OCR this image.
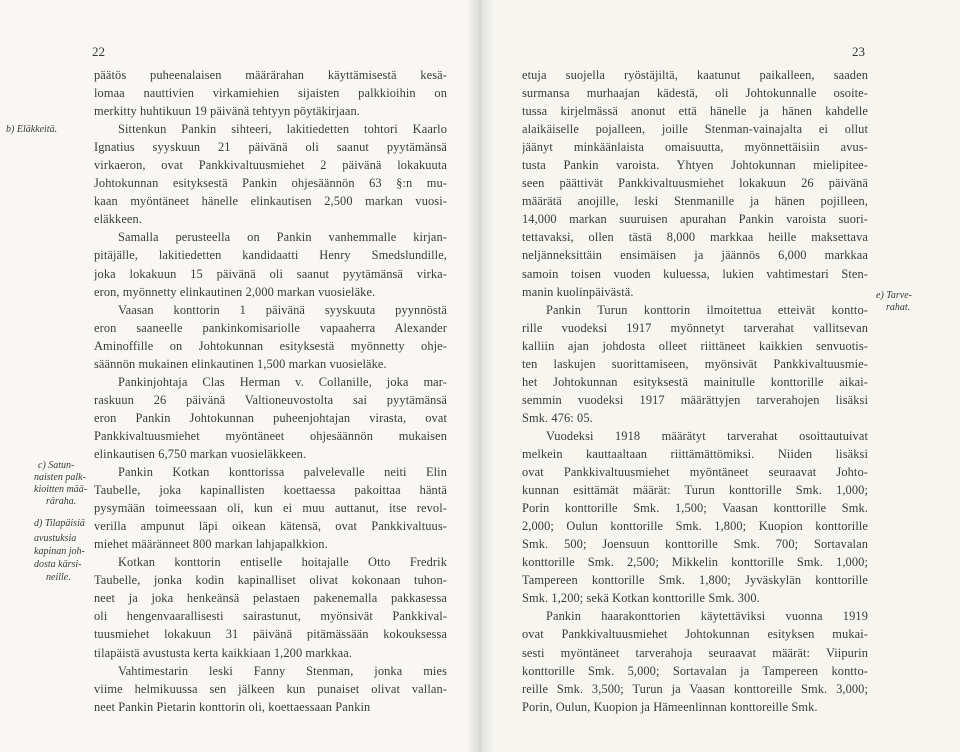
22
päätös puheenalaisen määrärahan käyttämisestä kesä-
lomaa nauttivien virkamiehien sijaisten palkkioihin on
merkitty huhtikuun 19 päivänä tehtyyn pöytäkirjaan.
Sittenkun Pankin sihteeri, lakitiedetten tohtori Kaarlo
Ignatius syyskuun 21 päivänä oli saanut pyytämänsä
virkaeron, ovat Pankkivaltuusmiehet 2 päivänä lokakuuta
Johtokunnan esityksestä Pankin ohjesäännön 63 §:n mu-
kaan myöntäneet hänelle elinkautisen 2,500 markan vuosi-
eläkkeen.
Samalla perusteella on Pankin vanhemmalle kirjan-
pitäjälle, lakitiedetten kandidaatti Henry Smedslundille,
joka lokakuun 15 päivänä oli saanut pyytämänsä virka-
eron, myönnetty elinkautinen 2,000 markan vuosieläke.
Vaasan konttorin 1 päivänä syyskuuta pyynnöstä
eron saaneelle pankinkomisariolle vapaaherra Alexander
Aminoffille on Johtokunnan esityksestä myönnetty ohje-
säännön mukainen elinkautinen 1,500 markan vuosieläke.
Pankinjohtaja Clas Herman v. Collanille, joka mar-
raskuun 26 päivänä Valtioneuvostolta sai pyytämänsä
eron Pankin Johtokunnan puheenjohtajan virasta, ovat
Pankkivaltuusmiehet myöntäneet ohjesäännön mukaisen
elinkautisen 6,750 markan vuosieläkkeen.
Pankin Kotkan konttorissa palvelevalle neiti Elin
Taubelle, joka kapinallisten koettaessa pakoittaa häntä
pysymään toimeessaan oli, kun ei muu auttanut, itse revol-
verilla ampunut läpi oikean kätensä, ovat Pankkivaltuus-
miehet määränneet 800 markan lahjapalkkion.
Kotkan konttorin entiselle hoitajalle Otto Fredrik
Taubelle, jonka kodin kapinalliset olivat kokonaan tuhon-
neet ja joka henkeänsä pelastaen pakenemalla pakkasessa
oli hengenvaarallisesti sairastunut, myönsivät Pankkival-
tuusmiehet lokakuun 31 päivänä pitämässään kokouksessa
tilapäistä avustusta kerta kaikkiaan 1,200 markkaa.
Vahtimestarin leski Fanny Stenman, jonka mies
viime helmikuussa sen jälkeen kun punaiset olivat vallan-
neet Pankin Pietarin konttorin oli, koettaessaan Pankin
b) Eläkkeitä.
c) Satun-
naisten palk-
kioitten mää-
rärahа.
d) Tilapäisiä
avustuksia
kapinan joh-
dosta kärsi-
neille.
23
etuja suojella ryöstäjiltä, kaatunut paikalleen, saaden
surmansa murhaajan kädestä, oli Johtokunnalle osoite-
tussa kirjelmässä anonut että hänelle ja hänen kahdelle
alaikäiselle pojalleen, joille Stenman-vainajalta ei ollut
jäänyt minkäänlaista omaisuutta, myönnettäisiin avus-
tusta Pankin varoista. Yhtyen Johtokunnan mielipitee-
seen päättivät Pankkivaltuusmiehet lokakuun 26 päivänä
määrätä anojille, leski Stenmanille ja hänen pojilleen,
14,000 markan suuruisen apurahan Pankin varoista suori-
tettavaksi, ollen tästä 8,000 markkaa heille maksettava
neljänneksittäin ensimäisen ja jäännös 6,000 markkaa
samoin toisen vuoden kuluessa, lukien vahtimestari Sten-
manin kuolinpäivästä.
Pankin Turun konttorin ilmoitettua etteivät kontto-
rille vuodeksi 1917 myönnetyt tarverahat vallitsevan
kalliin ajan johdosta olleet riittäneet kaikkien senvuotis-
ten laskujen suorittamiseen, myönsivät Pankkivaltuusmie-
het Johtokunnan esityksestä mainitulle konttorille aikai-
semmin vuodeksi 1917 määrättyjen tarverahojen lisäksi
Smk. 476: 05.
Vuodeksi 1918 määrätyt tarverahat osoittautuivat
melkein kauttaaltaan riittämättömiksi. Niiden lisäksi
ovat Pankkivaltuusmiehet myöntäneet seuraavat Johto-
kunnan esittämät määrät: Turun konttorille Smk. 1,000;
Porin konttorille Smk. 1,500; Vaasan konttorille Smk.
2,000; Oulun konttorille Smk. 1,800; Kuopion konttorille
Smk. 500; Joensuun konttorille Smk. 700; Sortavalan
konttorille Smk. 2,500; Mikkelin konttorille Smk. 1,000;
Tampereen konttorille Smk. 1,800; Jyväskylän konttorille
Smk. 1,200; sekä Kotkan konttorille Smk. 300.
Pankin haarakonttorien käytettäviksi vuonna 1919
ovat Pankkivaltuusmiehet Johtokunnan esityksen mukai-
sesti myöntäneet tarverahoja seuraavat määrät: Viipurin
konttorille Smk. 5,000; Sortavalan ja Tampereen kontto-
reille Smk. 3,500; Turun ja Vaasan konttoreille Smk. 3,000;
Porin, Oulun, Kuopion ja Hämeenlinnan konttoreille Smk.
e) Tarve-
rahat.
